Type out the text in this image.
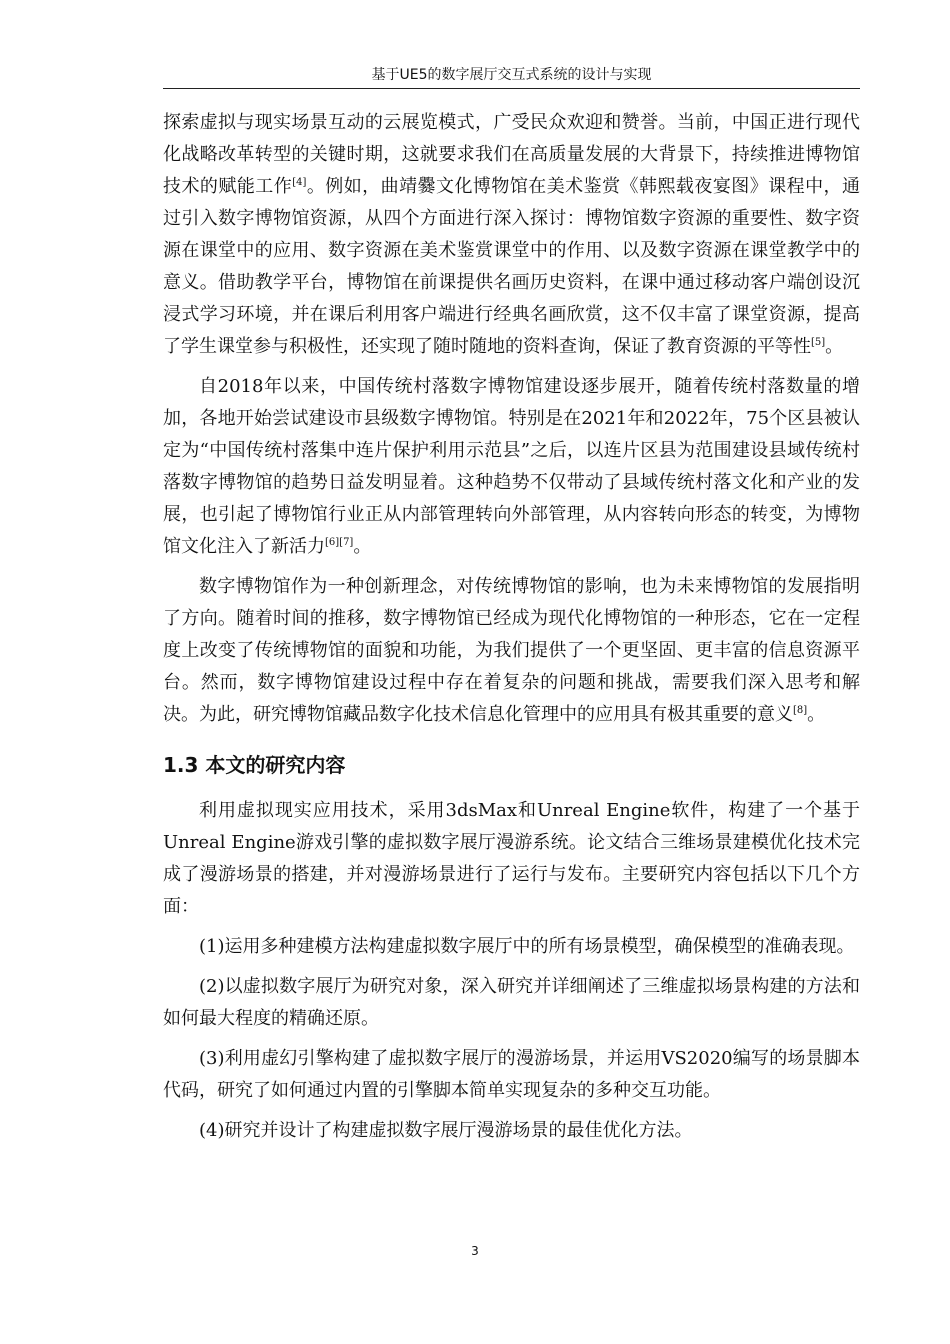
基于UE5的数字展厅交互式系统的设计与实现

探索虚拟与现实场景互动的云展览模式，广受民众欢迎和赞誉。当前，中国正进行现代化战略改革转型的关键时期，这就要求我们在高质量发展的大背景下，持续推进博物馆技术的赋能工作[4]。例如，曲靖爨文化博物馆在美术鉴赏《韩熙载夜宴图》课程中，通过引入数字博物馆资源，从四个方面进行深入探讨：博物馆数字资源的重要性、数字资源在课堂中的应用、数字资源在美术鉴赏课堂中的作用、以及数字资源在课堂教学中的意义。借助教学平台，博物馆在前课提供名画历史资料，在课中通过移动客户端创设沉浸式学习环境，并在课后利用客户端进行经典名画欣赏，这不仅丰富了课堂资源，提高了学生课堂参与积极性，还实现了随时随地的资料查询，保证了教育资源的平等性[5]。

自2018年以来，中国传统村落数字博物馆建设逐步展开，随着传统村落数量的增加，各地开始尝试建设市县级数字博物馆。特别是在2021年和2022年，75个区县被认定为“中国传统村落集中连片保护利用示范县”之后，以连片区县为范围建设县域传统村落数字博物馆的趋势日益发明显着。这种趋势不仅带动了县域传统村落文化和产业的发展，也引起了博物馆行业正从内部管理转向外部管理，从内容转向形态的转变，为博物馆文化注入了新活力[6][7]。

数字博物馆作为一种创新理念，对传统博物馆的影响，也为未来博物馆的发展指明了方向。随着时间的推移，数字博物馆已经成为现代化博物馆的一种形态，它在一定程度上改变了传统博物馆的面貌和功能，为我们提供了一个更坚固、更丰富的信息资源平台。然而，数字博物馆建设过程中存在着复杂的问题和挑战，需要我们深入思考和解决。为此，研究博物馆藏品数字化技术信息化管理中的应用具有极其重要的意义[8]。

1.3 本文的研究内容

利用虚拟现实应用技术，采用3dsMax和Unreal Engine软件，构建了一个基于Unreal Engine游戏引擎的虚拟数字展厅漫游系统。论文结合三维场景建模优化技术完成了漫游场景的搭建，并对漫游场景进行了运行与发布。主要研究内容包括以下几个方面：

(1)运用多种建模方法构建虚拟数字展厅中的所有场景模型，确保模型的准确表现。

(2)以虚拟数字展厅为研究对象，深入研究并详细阐述了三维虚拟场景构建的方法和如何最大程度的精确还原。

(3)利用虚幻引擎构建了虚拟数字展厅的漫游场景，并运用VS2020编写的场景脚本代码，研究了如何通过内置的引擎脚本简单实现复杂的多种交互功能。

(4)研究并设计了构建虚拟数字展厅漫游场景的最佳优化方法。

3
